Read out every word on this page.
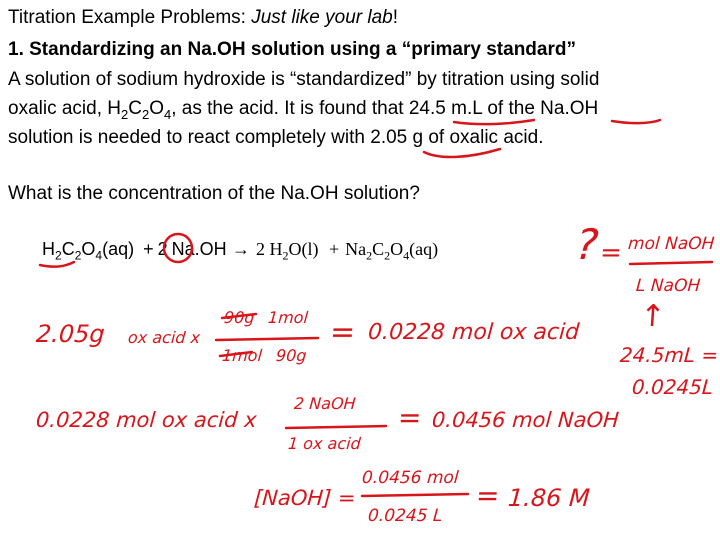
Titration Example Problems: Just like your lab!
1. Standardizing an Na.OH solution using a “primary standard”
A solution of sodium hydroxide is “standardized” by titration using solid
oxalic acid, $H_2C_2O_4$, as the acid. It is found that 24.5 m.L of the Na.OH
solution is needed to react completely with 2.05 g of oxalic acid.
What is the concentration of the Na.OH solution?
$H_2C_2O_4(aq) + 2$ Na.OH → 2 $H_2O(l) + Na_2C_2O_4(aq)$	?
= mol NaOH
L NaOH
↑
24.5mL =
0.0245L
2.05g ox acid x
90g 1mol
1mol 90g
= 0.0228 mol ox acid
0.0228 mol ox acid x
2 NaOH
1 ox acid
= 0.0456 mol NaOH
[NaOH] =
0.0456 mol
0.0245 L
= 1.86 M
